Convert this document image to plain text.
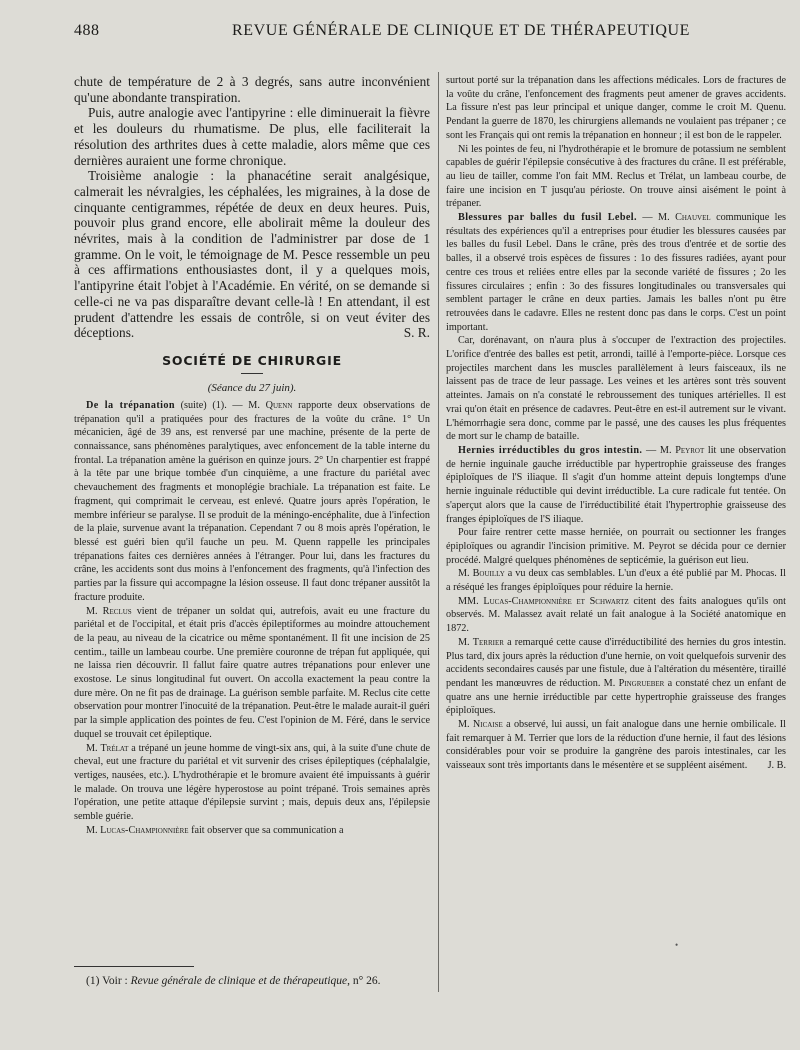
488	REVUE GÉNÉRALE DE CLINIQUE ET DE THÉRAPEUTIQUE

chute de température de 2 à 3 degrés, sans autre inconvénient qu'une abondante transpiration.

Puis, autre analogie avec l'antipyrine : elle diminuerait la fièvre et les douleurs du rhumatisme. De plus, elle faciliterait la résolution des arthrites dues à cette maladie, alors même que ces dernières auraient une forme chronique.

Troisième analogie : la phanacétine serait analgésique, calmerait les névralgies, les céphalées, les migraines, à la dose de cinquante centigrammes, répétée de deux en deux heures. Puis, pouvoir plus grand encore, elle abolirait même la douleur des névrites, mais à la condition de l'administrer par dose de 1 gramme. On le voit, le témoignage de M. Pesce ressemble un peu à ces affirmations enthousiastes dont, il y a quelques mois, l'antipyrine était l'objet à l'Académie. En vérité, on se demande si celle-ci ne va pas disparaître devant celle-là ! En attendant, il est prudent d'attendre les essais de contrôle, si on veut éviter des déceptions.	S. R.

SOCIÉTÉ DE CHIRURGIE
(Séance du 27 juin).

De la trépanation (suite) (1). — M. Quenn rapporte deux observations de trépanation qu'il a pratiquées pour des fractures de la voûte du crâne. 1° Un mécanicien, âgé de 39 ans, est renversé par une machine, présente de la perte de connaissance, sans phénomènes paralytiques, avec enfoncement de la table interne du frontal. La trépanation amène la guérison en quinze jours. 2° Un charpentier est frappé à la tête par une brique tombée d'un cinquième, a une fracture du pariétal avec chevauchement des fragments et monoplégie brachiale. La trépanation est faite. Le fragment, qui comprimait le cerveau, est enlevé. Quatre jours après l'opération, le membre inférieur se paralyse. Il se produit de la méningo-encéphalite, due à l'infection de la plaie, survenue avant la trépanation. Cependant 7 ou 8 mois après l'opération, le blessé est guéri bien qu'il fauche un peu. M. Quenn rappelle les principales trépanations faites ces dernières années à l'étranger. Pour lui, dans les fractures du crâne, les accidents sont dus moins à l'enfoncement des fragments, qu'à l'infection des parties par la fissure qui accompagne la lésion osseuse. Il faut donc trépaner aussitôt la fracture produite.

M. Reclus vient de trépaner un soldat qui, autrefois, avait eu une fracture du pariétal et de l'occipital, et était pris d'accès épileptiformes au moindre attouchement de la peau, au niveau de la cicatrice ou même spontanément. Il fit une incision de 25 centim., taille un lambeau courbe. Une première couronne de trépan fut appliquée, qui ne laissa rien découvrir. Il fallut faire quatre autres trépanations pour enlever une exostose. Le sinus longitudinal fut ouvert. On accolla exactement la peau contre la dure mère. On ne fit pas de drainage. La guérison semble parfaite. M. Reclus cite cette observation pour montrer l'inocuité de la trépanation. Peut-être le malade aurait-il guéri par la simple application des pointes de feu. C'est l'opinion de M. Féré, dans le service duquel se trouvait cet épileptique.

M. Trélat a trépané un jeune homme de vingt-six ans, qui, à la suite d'une chute de cheval, eut une fracture du pariétal et vit survenir des crises épileptiques (céphalalgie, vertiges, nausées, etc.). L'hydrothérapie et le bromure avaient été impuissants à guérir le malade. On trouva une légère hyperostose au point trépané. Trois semaines après l'opération, une petite attaque d'épilepsie survint ; mais, depuis deux ans, l'épilepsie semble guérie.

M. Lucas-Championnière fait observer que sa communication a

surtout porté sur la trépanation dans les affections médicales. Lors de fractures de la voûte du crâne, l'enfoncement des fragments peut amener de graves accidents. La fissure n'est pas leur principal et unique danger, comme le croit M. Quenu. Pendant la guerre de 1870, les chirurgiens allemands ne voulaient pas trépaner ; ce sont les Français qui ont remis la trépanation en honneur ; il est bon de le rappeler.

Ni les pointes de feu, ni l'hydrothérapie et le bromure de potassium ne semblent capables de guérir l'épilepsie consécutive à des fractures du crâne. Il est préférable, au lieu de tailler, comme l'on fait MM. Reclus et Trélat, un lambeau courbe, de faire une incision en T jusqu'au périoste. On trouve ainsi aisément le point à trépaner.

Blessures par balles du fusil Lebel. — M. Chauvel communique les résultats des expériences qu'il a entreprises pour étudier les blessures causées par les balles du fusil Lebel. Dans le crâne, près des trous d'entrée et de sortie des balles, il a observé trois espèces de fissures : 1o des fissures radiées, ayant pour centre ces trous et reliées entre elles par la seconde variété de fissures ; 2o les fissures circulaires ; enfin : 3o des fissures longitudinales ou transversales qui semblent partager le crâne en deux parties. Jamais les balles n'ont pu être retrouvées dans le cadavre. Elles ne restent donc pas dans le corps. C'est un point important.

Car, dorénavant, on n'aura plus à s'occuper de l'extraction des projectiles. L'orifice d'entrée des balles est petit, arrondi, taillé à l'emporte-pièce. Lorsque ces projectiles marchent dans les muscles parallèlement à leurs faisceaux, ils ne laissent pas de trace de leur passage. Les veines et les artères sont très souvent atteintes. Jamais on n'a constaté le rebroussement des tuniques artérielles. Il est vrai qu'on était en présence de cadavres. Peut-être en est-il autrement sur le vivant. L'hémorrhagie sera donc, comme par le passé, une des causes les plus fréquentes de mort sur le champ de bataille.

Hernies irréductibles du gros intestin. — M. Peyrot lit une observation de hernie inguinale gauche irréductible par hypertrophie graisseuse des franges épiploïques de l'S iliaque. Il s'agit d'un homme atteint depuis longtemps d'une hernie inguinale réductible qui devint irréductible. La cure radicale fut tentée. On s'aperçut alors que la cause de l'irréductibilité était l'hypertrophie graisseuse des franges épiploïques de l'S iliaque.

Pour faire rentrer cette masse herniée, on pourrait ou sectionner les franges épiploïques ou agrandir l'incision primitive. M. Peyrot se décida pour ce dernier procédé. Malgré quelques phénomènes de septicémie, la guérison eut lieu.

M. Bouilly a vu deux cas semblables. L'un d'eux a été publié par M. Phocas. Il a réséqué les franges épiploïques pour réduire la hernie.

MM. Lucas-Championnière et Schwartz citent des faits analogues qu'ils ont observés. M. Malassez avait relaté un fait analogue à la Société anatomique en 1872.

M. Terrier a remarqué cette cause d'irréductibilité des hernies du gros intestin. Plus tard, dix jours après la réduction d'une hernie, on voit quelquefois survenir des accidents secondaires causés par une fistule, due à l'altération du mésentère, tiraillé pendant les manœuvres de réduction. M. Pingrueber a constaté chez un enfant de quatre ans une hernie irréductible par cette hypertrophie graisseuse des franges épiploïques.

M. Nicaise a observé, lui aussi, un fait analogue dans une hernie ombilicale. Il fait remarquer à M. Terrier que lors de la réduction d'une hernie, il faut des lésions considérables pour voir se produire la gangrène des parois intestinales, car les vaisseaux sont très importants dans le mésentère et se suppléent aisément.	J. B.

•
(1) Voir : Revue générale de clinique et de thérapeutique, n° 26.
